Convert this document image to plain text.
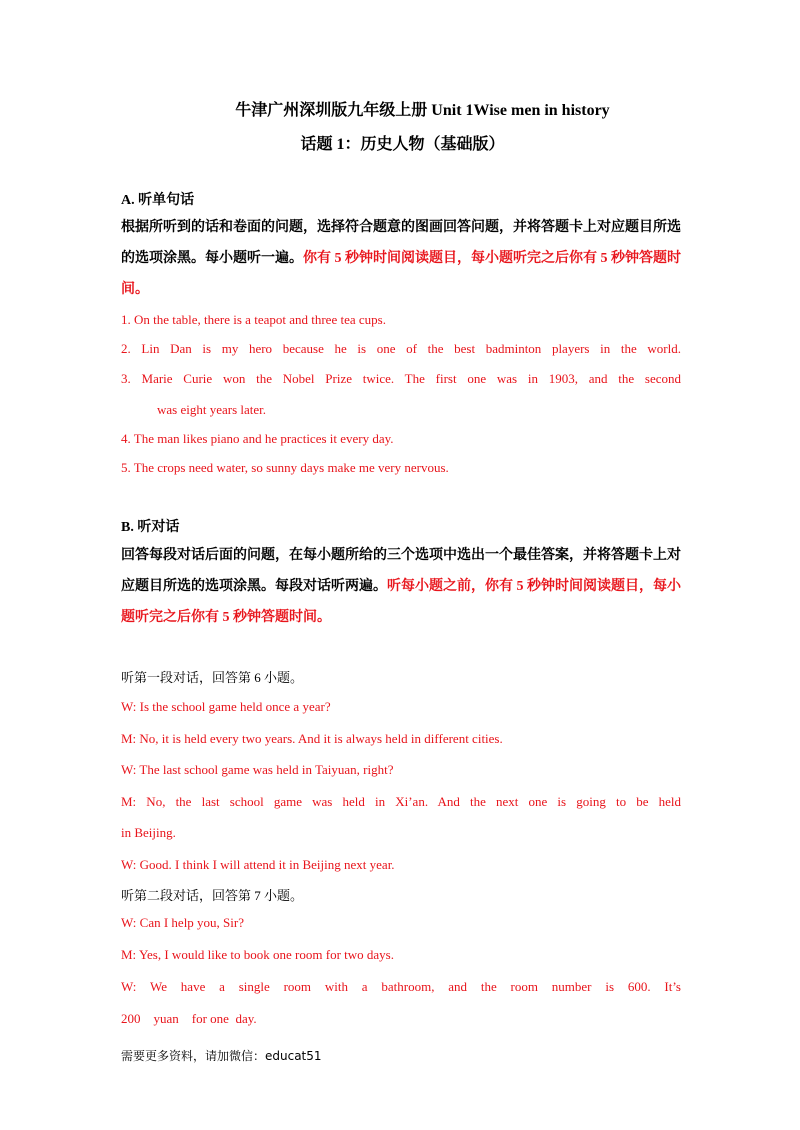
牛津广州深圳版九年级上册 Unit 1Wise men in history
话题 1：历史人物（基础版）
A. 听单句话
根据所听到的话和卷面的问题，选择符合题意的图画回答问题，并将答题卡上对应题目所选的选项涂黑。每小题听一遍。你有 5 秒钟时间阅读题目，每小题听完之后你有 5 秒钟答题时间。
1. On the table, there is a teapot and three tea cups.
2. Lin Dan is my hero because he is one of the best badminton players in the world.
3. Marie Curie won the Nobel Prize twice. The first one was in 1903, and the second
was eight years later.
4. The man likes piano and he practices it every day.
5. The crops need water, so sunny days make me very nervous.
B. 听对话
回答每段对话后面的问题，在每小题所给的三个选项中选出一个最佳答案，并将答题卡上对应题目所选的选项涂黑。每段对话听两遍。听每小题之前，你有 5 秒钟时间阅读题目，每小题听完之后你有 5 秒钟答题时间。
听第一段对话，回答第 6 小题。
W: Is the school game held once a year?
M: No, it is held every two years. And it is always held in different cities.
W: The last school game was held in Taiyuan, right?
M: No, the last school game was held in Xi’an. And the next one is going to be held
in Beijing.
W: Good. I think I will attend it in Beijing next year.
听第二段对话，回答第 7 小题。
W: Can I help you, Sir?
M: Yes, I would like to book one room for two days.
W: We have a single room with a bathroom, and the room number is 600. It’s
200    yuan    for one  day.
需要更多资料，请加微信：educat51
